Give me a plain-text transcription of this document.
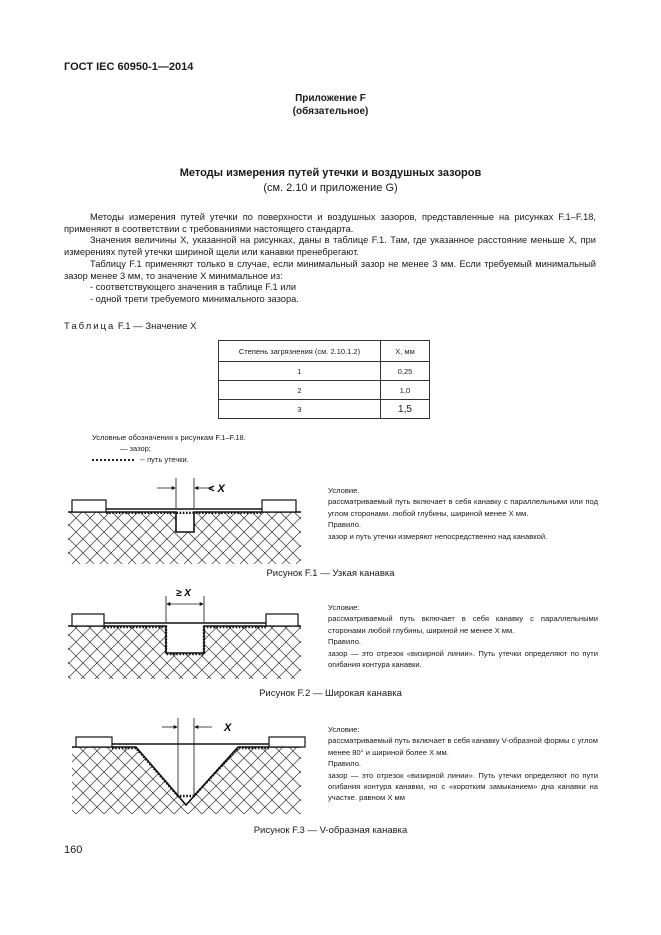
ГОСТ IEC 60950-1—2014
Приложение F
(обязательное)
Методы измерения путей утечки и воздушных зазоров
(см. 2.10 и приложение G)

Методы измерения путей утечки по поверхности и воздушных зазоров, представленные на рисунках F.1–F.18, применяют в соответствии с требованиями настоящего стандарта.

Значения величины X, указанной на рисунках, даны в таблице F.1. Там, где указанное расстояние меньше X, при измерениях путей утечки шириной щели или канавки пренебрегают.

Таблицу F.1 применяют только в случае, если минимальный зазор не менее 3 мм. Если требуемый минимальный зазор менее 3 мм, то значение X минимальное из:

- соответствующего значения в таблице F.1 или

- одной трети требуемого минимального зазора.

Таблица F.1 — Значение X
Степень загрязнения (см. 2.10.1.2)	X, мм
1	0,25
2	1,0
3	1,5
Условные обозначения к рисункам F.1–F.18.
— зазор;
-- путь утечки.
< X	Условие.

рассматриваемый путь включает в себя канавку с параллельными или под углом сторонами. любой глубины, шириной менее X мм.

Правило.

зазор и путь утечки измеряют непосредственно над канавкой.

Рисунок F.1 — Узкая канавка
≥ X

Условие:

рассматриваемый путь включает в себя канавку с параллельными сторонами любой глубины, шириной не менее X мм.

Правило.

зазор — это отрезок «визирной линии». Путь утечки определяют по пути огибания контура канавки.

Рисунок F.2 — Широкая канавка
X	Условие:

рассматриваемый путь включает в себя канавку V-образной формы с углом менее 80° и шириной более X мм.

Правило.

зазор — это отрезок «визирной линии». Путь утечки определяют по пути огибания контура канавки, но с «коротким замыканием» дна канавки на участке. равном X мм

Рисунок F.3 — V-образная канавка
160
